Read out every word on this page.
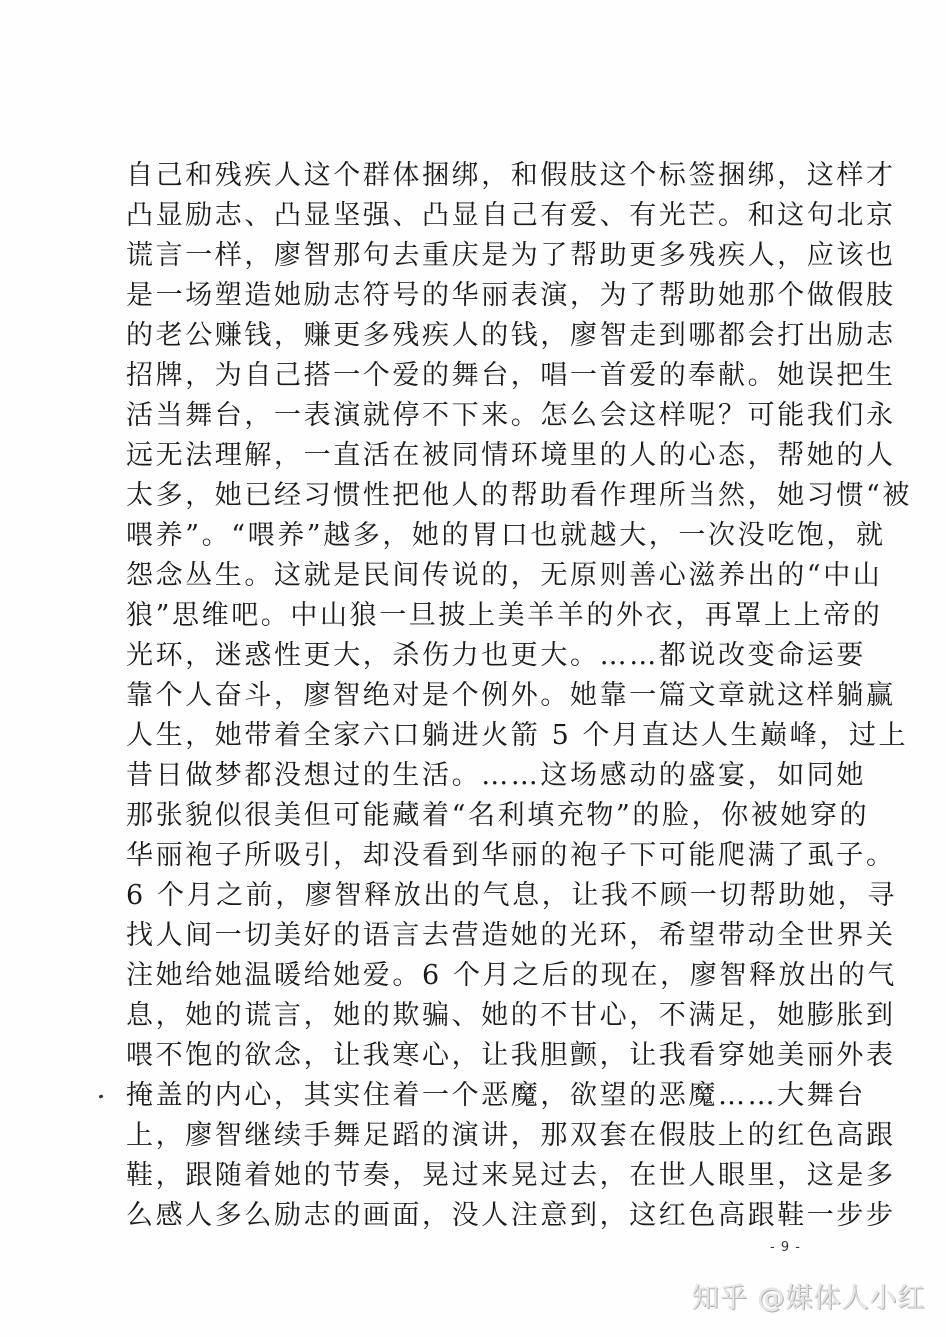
自己和残疾人这个群体捆绑，和假肢这个标签捆绑，这样才
凸显励志、凸显坚强、凸显自己有爱、有光芒。和这句北京
谎言一样，廖智那句去重庆是为了帮助更多残疾人，应该也
是一场塑造她励志符号的华丽表演，为了帮助她那个做假肢
的老公赚钱，赚更多残疾人的钱，廖智走到哪都会打出励志
招牌，为自己搭一个爱的舞台，唱一首爱的奉献。她误把生
活当舞台，一表演就停不下来。怎么会这样呢？可能我们永
远无法理解，一直活在被同情环境里的人的心态，帮她的人
太多，她已经习惯性把他人的帮助看作理所当然，她习惯“被
喂养”。“喂养”越多，她的胃口也就越大，一次没吃饱，就
怨念丛生。这就是民间传说的，无原则善心滋养出的“中山
狼”思维吧。中山狼一旦披上美羊羊的外衣，再罩上上帝的
光环，迷惑性更大，杀伤力也更大。……都说改变命运要
靠个人奋斗，廖智绝对是个例外。她靠一篇文章就这样躺赢
人生，她带着全家六口躺进火箭 5 个月直达人生巅峰，过上
昔日做梦都没想过的生活。……这场感动的盛宴，如同她
那张貌似很美但可能藏着“名利填充物”的脸，你被她穿的
华丽袍子所吸引，却没看到华丽的袍子下可能爬满了虱子。
6 个月之前，廖智释放出的气息，让我不顾一切帮助她，寻
找人间一切美好的语言去营造她的光环，希望带动全世界关
注她给她温暖给她爱。6 个月之后的现在，廖智释放出的气
息，她的谎言，她的欺骗、她的不甘心，不满足，她膨胀到
喂不饱的欲念，让我寒心，让我胆颤，让我看穿她美丽外表
掩盖的内心，其实住着一个恶魔，欲望的恶魔……大舞台
上，廖智继续手舞足蹈的演讲，那双套在假肢上的红色高跟
鞋，跟随着她的节奏，晃过来晃过去，在世人眼里，这是多
么感人多么励志的画面，没人注意到，这红色高跟鞋一步步
- 9 -
知乎 @媒体人小红
